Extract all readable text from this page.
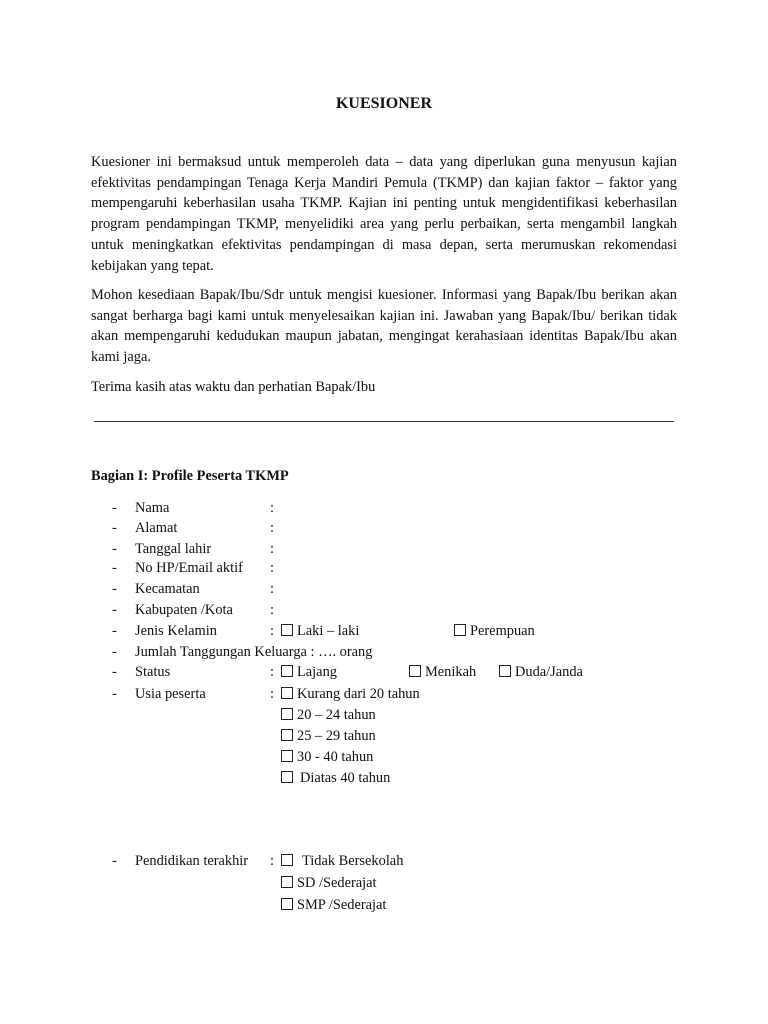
KUESIONER

Kuesioner ini bermaksud untuk memperoleh data – data yang diperlukan guna menyusun kajian efektivitas pendampingan Tenaga Kerja Mandiri Pemula (TKMP) dan kajian faktor – faktor yang mempengaruhi keberhasilan usaha TKMP. Kajian ini penting untuk mengidentifikasi keberhasilan program pendampingan TKMP, menyelidiki area yang perlu perbaikan, serta mengambil langkah untuk meningkatkan efektivitas pendampingan di masa depan, serta merumuskan rekomendasi kebijakan yang tepat.

Mohon kesediaan Bapak/Ibu/Sdr untuk mengisi kuesioner. Informasi yang Bapak/Ibu berikan akan sangat berharga bagi kami untuk menyelesaikan kajian ini. Jawaban yang Bapak/Ibu/ berikan tidak akan mempengaruhi kedudukan maupun jabatan, mengingat kerahasiaan identitas Bapak/Ibu akan kami jaga.

Terima kasih atas waktu dan perhatian Bapak/Ibu

Bagian I: Profile Peserta TKMP
- Nama	:
- Alamat	:
- Tanggal lahir	:
- No HP/Email aktif :
- Kecamatan	:
- Kabupaten /Kota	:
- Jenis Kelamin	:	Laki – laki	Perempuan
- Jumlah Tanggungan Keluarga : …. orang
- Status	:	Lajang	Menikah	Duda/Janda
- Usia peserta	:	Kurang dari 20 tahun
20 – 24 tahun
25 – 29 tahun
30 - 40 tahun
Diatas 40 tahun
- Pendidikan terakhir :	Tidak Bersekolah
SD /Sederajat
SMP /Sederajat
